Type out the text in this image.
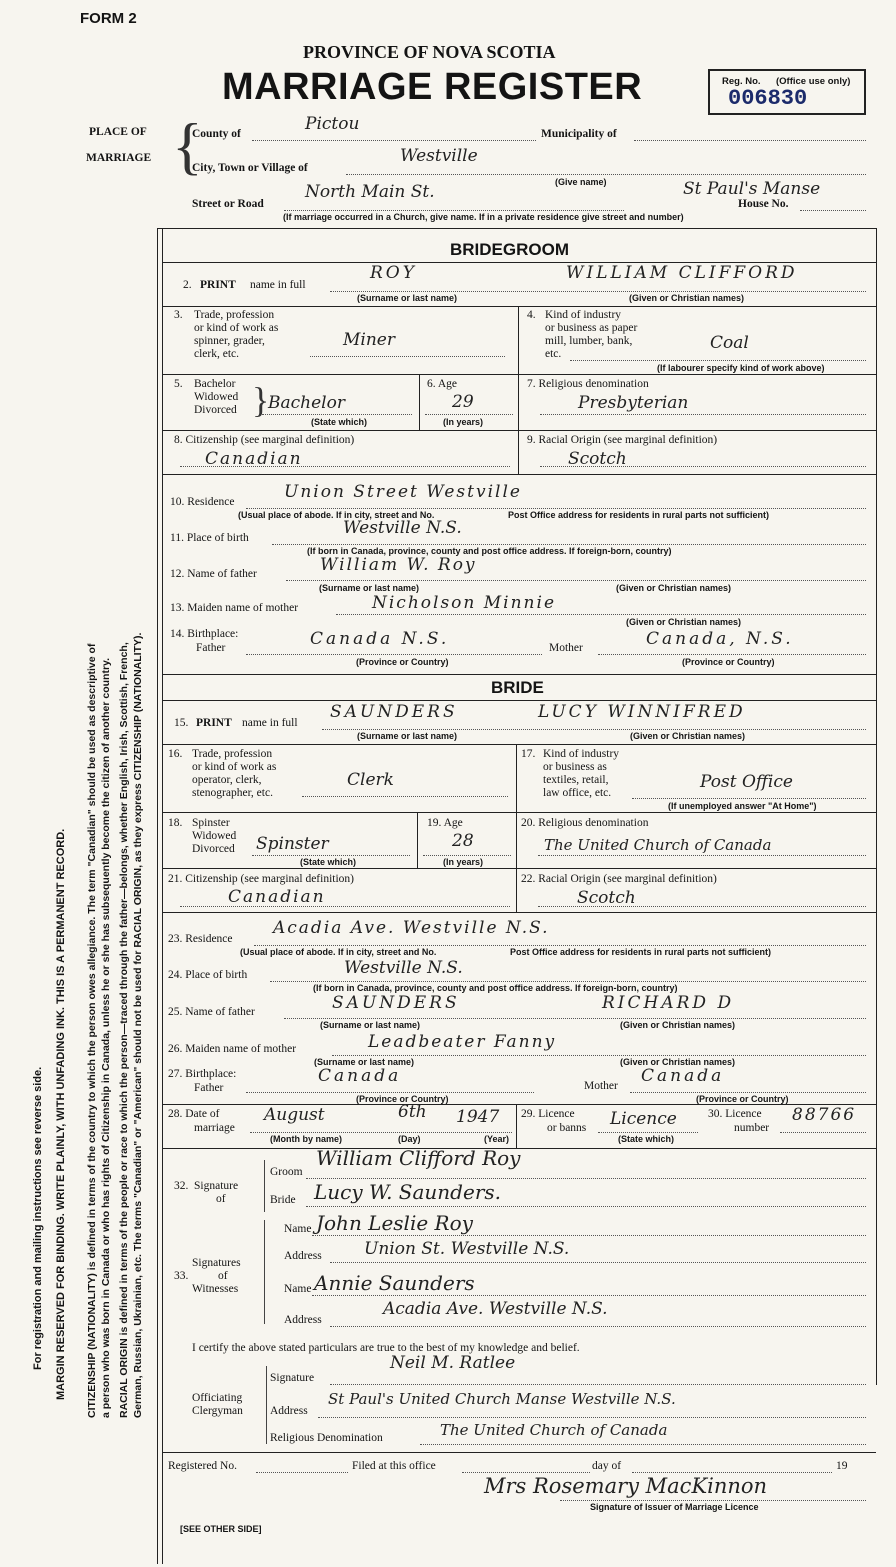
FORM 2
PROVINCE OF NOVA SCOTIA
MARRIAGE REGISTER	Reg. No. (Office use only)
006830
PLACE OF
MARRIAGE {
County of	Pictou	Municipality of
City, Town or Village of
Westville
(Give name)
Street or Road
North Main St.	St Paul's Manse
House No.
(If marriage occurred in a Church, give name. If in a private residence give street and number)
For registration and mailing instructions see reverse side. MARGIN RESERVED FOR BINDING. WRITE PLAINLY, WITH UNFADING INK. THIS IS A PERMANENT RECORD. CITIZENSHIP (NATIONALITY) is defined in terms of the country to which the person owes allegiance. The term "Canadian" should be used as descriptive of a person who was born in Canada or who has rights of Citizenship in Canada, unless he or she has subsequently become the citizen of another country. RACIAL ORIGIN is defined in terms of the people or race to which the person—traced through the father—belongs, whether English, Irish, Scottish, French, German, Russian, Ukrainian, etc. The terms "Canadian" or "American" should not be used for RACIAL ORIGIN, as they express CITIZENSHIP (NATIONALITY).
BRIDEGROOM
2. PRINT name in full
ROY	WILLIAM CLIFFORD
(Surname or last name)	(Given or Christian names)
3. Trade, profession
or kind of work as
spinner, grader,
clerk, etc.
Miner
4. Kind of industry
or business as paper
mill, lumber, bank,
etc.
Coal
(If labourer specify kind of work above)
5. Bachelor
Widowed
Divorced }
Bachelor
(State which)
6. Age
29
(In years)
7. Religious denomination
Presbyterian
8. Citizenship (see marginal definition)
Canadian
9. Racial Origin (see marginal definition)
Scotch
10. Residence	Union Street Westville
(Usual place of abode. If in city, street and No.	Post Office address for residents in rural parts not sufficient)
11. Place of birth	Westville N.S.
(If born in Canada, province, county and post office address. If foreign-born, country)
12. Name of father	William W. Roy
(Surname or last name)	(Given or Christian names)
13. Maiden name of mother	Nicholson Minnie
(Given or Christian names)
14. Birthplace:
Father	Canada N.S.	Mother	Canada, N.S.
(Province or Country)	(Province or Country)
BRIDE
15. PRINT name in full
SAUNDERS	LUCY WINNIFRED
(Surname or last name)	(Given or Christian names)
16. Trade, profession
or kind of work as
operator, clerk,
stenographer, etc.
Clerk
17. Kind of industry
or business as
textiles, retail,
law office, etc.
Post Office
(If unemployed answer "At Home")
18. Spinster
Widowed
Divorced Spinster
(State which)
19. Age
28
(In years)
20. Religious denomination
The United Church of Canada
21. Citizenship (see marginal definition)
Canadian
22. Racial Origin (see marginal definition)
Scotch
23. Residence
Acadia Ave. Westville N.S.
(Usual place of abode. If in city, street and No.	Post Office address for residents in rural parts not sufficient)
24. Place of birth	Westville N.S.
(If born in Canada, province, county and post office address. If foreign-born, country)
25. Name of father	SAUNDERS	RICHARD D
(Surname or last name)	(Given or Christian names)
26. Maiden name of mother	Leadbeater Fanny
(Surname or last name)	(Given or Christian names)
27. Birthplace:
Father
Canada	Mother Canada
(Province or Country)	(Province or Country)
28. Date of
marriage
August	6th 1947
(Month by name)	(Day)	(Year)
29. Licence
or banns Licence
(State which)
30. Licence
number
88766
32. Signature
of
Groom
William Clifford Roy
Bride Lucy W. Saunders.
33.
Signatures
of
Witnesses
Name John Leslie Roy
Address Union St. Westville N.S.
Name Annie Saunders
Address
Acadia Ave. Westville N.S.
I certify the above stated particulars are true to the best of my knowledge and belief.
Officiating
Clergyman
Signature
Neil M. Ratlee
Address
St Paul's United Church Manse Westville N.S.
Religious Denomination	The United Church of Canada
Registered No.	Filed at this office	day of	19
Mrs Rosemary MacKinnon
Signature of Issuer of Marriage Licence
[SEE OTHER SIDE]
